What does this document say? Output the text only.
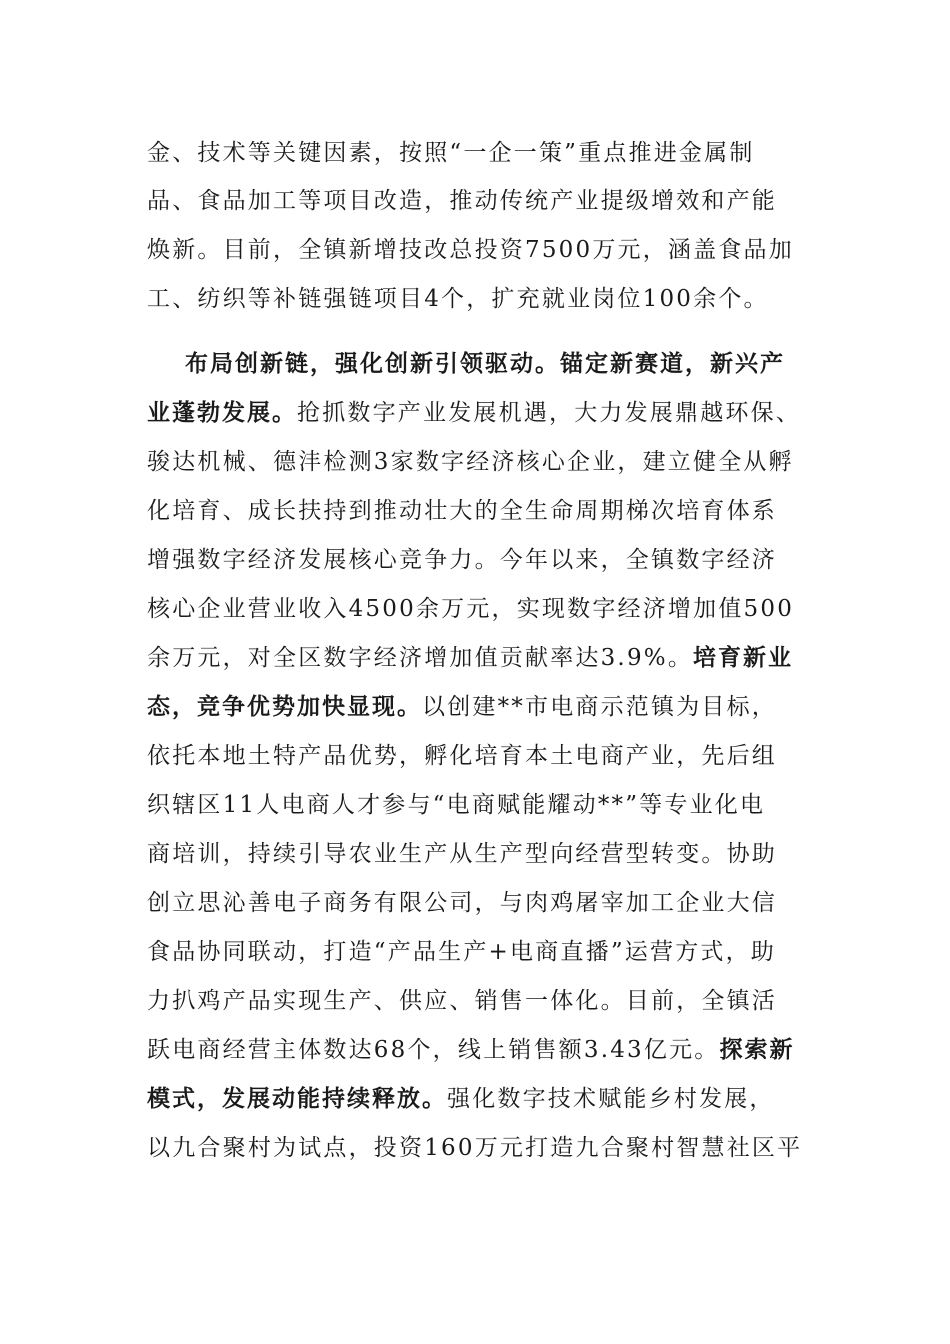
金、技术等关键因素，按照“一企一策”重点推进金属制
品、食品加工等项目改造，推动传统产业提级增效和产能
焕新。目前，全镇新增技改总投资7500万元，涵盖食品加
工、纺织等补链强链项目4个，扩充就业岗位100余个。
布局创新链，强化创新引领驱动。锚定新赛道，新兴产
业蓬勃发展。抢抓数字产业发展机遇，大力发展鼎越环保、
骏达机械、德沣检测3家数字经济核心企业，建立健全从孵
化培育、成长扶持到推动壮大的全生命周期梯次培育体系
增强数字经济发展核心竞争力。今年以来，全镇数字经济
核心企业营业收入4500余万元，实现数字经济增加值500
余万元，对全区数字经济增加值贡献率达3.9%。培育新业
态，竞争优势加快显现。以创建**市电商示范镇为目标，
依托本地土特产品优势，孵化培育本土电商产业，先后组
织辖区11人电商人才参与“电商赋能耀动**”等专业化电
商培训，持续引导农业生产从生产型向经营型转变。协助
创立思沁善电子商务有限公司，与肉鸡屠宰加工企业大信
食品协同联动，打造“产品生产+电商直播”运营方式，助
力扒鸡产品实现生产、供应、销售一体化。目前，全镇活
跃电商经营主体数达68个，线上销售额3.43亿元。探索新
模式，发展动能持续释放。强化数字技术赋能乡村发展，
以九合聚村为试点，投资160万元打造九合聚村智慧社区平
